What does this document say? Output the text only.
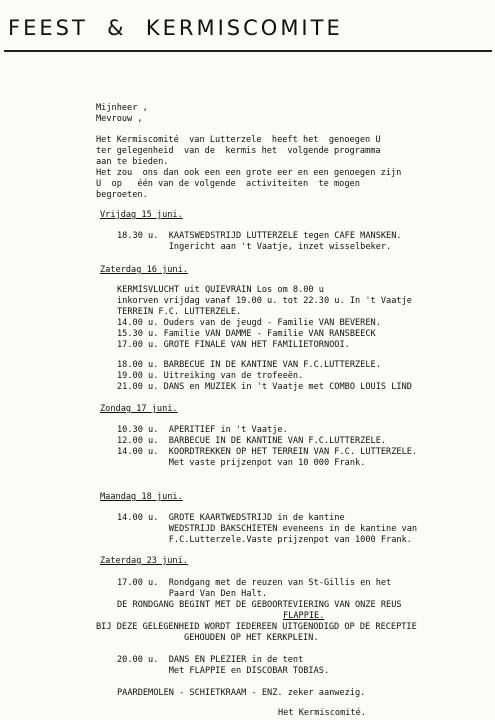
FEEST  &  KERMISCOMITE
Mijnheer ,
Mevrouw ,
Het Kermiscomité  van Lutterzele  heeft het  genoegen U
ter gelegenheid  van de  kermis het  volgende programma
aan te bieden.
Het zou  ons dan ook een een grote eer en een genoegen zijn
U  op   één van de volgende  activiteiten  te mogen
begroeten.
Vrijdag 15 juni.
18.30 u.  KAATSWEDSTRIJD LUTTERZELE tegen CAFE MANSKEN.
Ingericht aan 't Vaatje, inzet wisselbeker.
Zaterdag 16 juni.
KERMISVLUCHT uit QUIEVRAIN Los om 8.00 u
inkorven vrijdag vanaf 19.00 u. tot 22.30 u. In 't Vaatje
TERREIN F.C. LUTTERZELE.
14.00 u. Ouders van de jeugd - Familie VAN BEVEREN.
15.30 u. Familie VAN DAMME - Familie VAN RANSBEECK
17.00 u. GROTE FINALE VAN HET FAMILIETORNOOI.
18.00 u. BARBECUE IN DE KANTINE VAN F.C.LUTTERZELE.
19.00 u. Uitreiking van de trofeeën.
21.00 u. DANS en MUZIEK in 't Vaatje met COMBO LOUIS LIND
Zondag 17 juni.
10.30 u.  APERITIEF in 't Vaatje.
12.00 u.  BARBECUE IN DE KANTINE VAN F.C.LUTTERZELE.
14.00 u.  KOORDTREKKEN OP HET TERREIN VAN F.C. LUTTERZELE.
Met vaste prijzenpot van 10 000 Frank.
Maandag 18 juni.
14.00 u.  GROTE KAARTWEDSTRIJD in de kantine
WEDSTRIJD BAKSCHIETEN eveneens in de kantine van
F.C.Lutterzele.Vaste prijzenpot van 1000 Frank.
Zaterdag 23 juni.
17.00 u.  Rondgang met de reuzen van St-Gillis en het
Paard Van Den Halt.
DE RONDGANG BEGINT MET DE GEBOORTEVIERING VAN ONZE REUS
FLAPPIE.
BIJ DEZE GELEGENHEID WORDT IEDEREEN UITGENODIGD OP DE RECEPTIE
GEHOUDEN OP HET KERKPLEIN.
20.00 u.  DANS EN PLEZIER in de tent
Met FLAPPIE en DISCOBAR TOBIAS.
PAARDEMOLEN - SCHIETKRAAM - ENZ. zeker aanwezig.
Het Kermiscomité.
